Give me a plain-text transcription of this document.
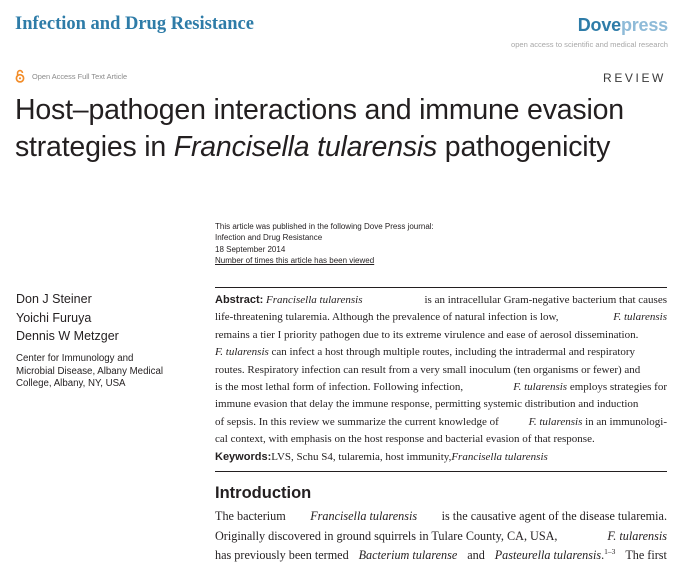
Infection and Drug Resistance	Dovepress
open access to scientific and medical research
Open Access Full Text Article	REVIEW
Host–pathogen interactions and immune evasion
strategies in Francisella tularensis pathogenicity
This article was published in the following Dove Press journal:
Infection and Drug Resistance
18 September 2014
Number of times this article has been viewed
Don J Steiner
Yoichi Furuya
Dennis W Metzger
Center for Immunology and
Microbial Disease, Albany Medical
College, Albany, NY, USA
Abstract: Francisella tularensis	is an intracellular Gram-negative bacterium that causes
life-threatening tularemia. Although the prevalence of natural infection is low,	F. tularensis
remains a tier I priority pathogen due to its extreme virulence and ease of aerosol dissemination.
F. tularensis can infect a host through multiple routes, including the intradermal and respiratory
routes. Respiratory infection can result from a very small inoculum (ten organisms or fewer) and
is the most lethal form of infection. Following infection,	F. tularensis employs strategies for
immune evasion that delay the immune response, permitting systemic distribution and induction
of sepsis. In this review we summarize the current knowledge of	F. tularensis in an immunologi-
cal context, with emphasis on the host response and bacterial evasion of that response.
Keywords: LVS, Schu S4, tularemia, host immunity, Francisella tularensis
Introduction
The bacterium Francisella tularensis is the causative agent of the disease tularemia.
Originally discovered in ground squirrels in Tulare County, CA, USA,	F. tularensis
has previously been termed Bacterium tularense and Pasteurella tularensis.$^{1-3}$ The first
